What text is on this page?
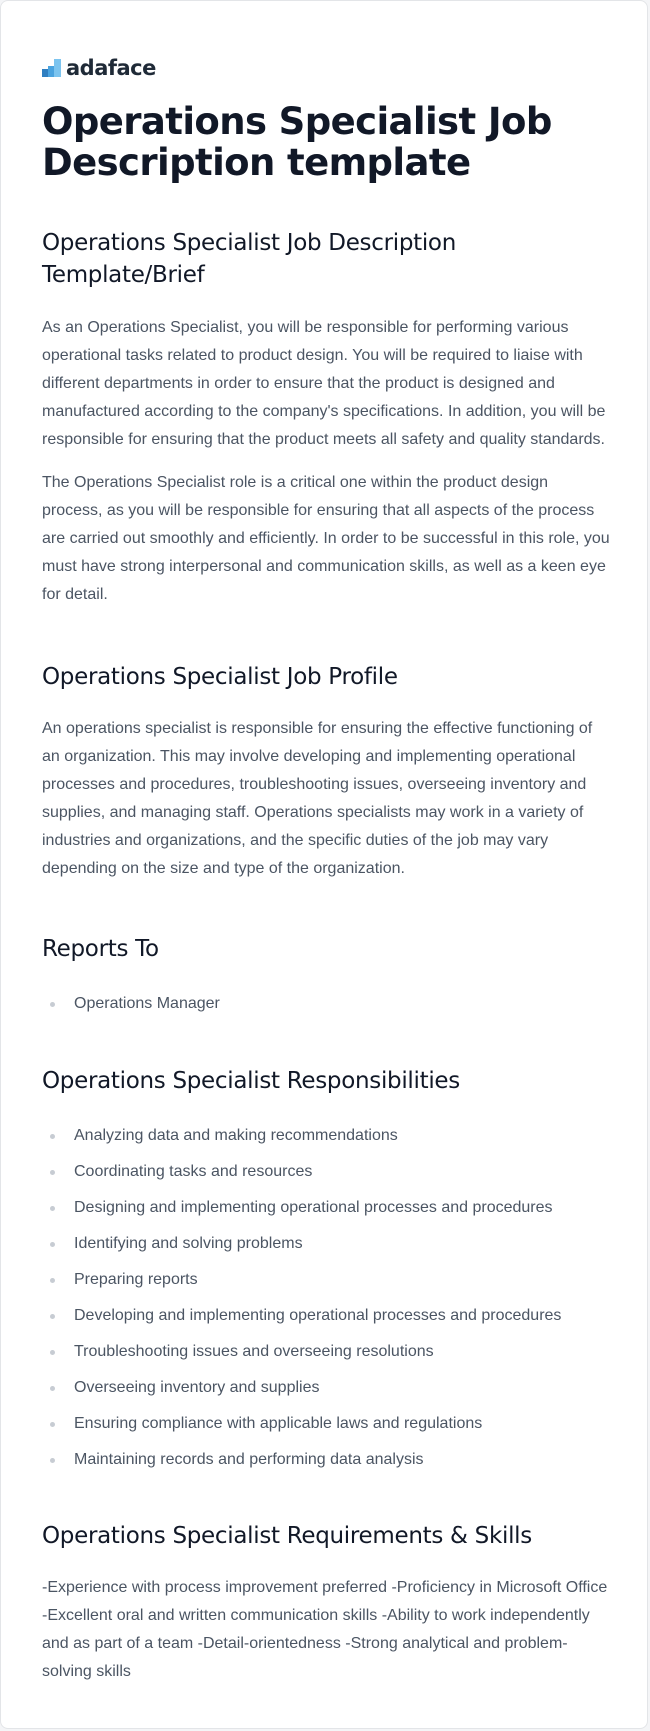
adaface
Operations Specialist Job Description template
Operations Specialist Job Description Template/Brief

As an Operations Specialist, you will be responsible for performing various operational tasks related to product design. You will be required to liaise with different departments in order to ensure that the product is designed and manufactured according to the company's specifications. In addition, you will be responsible for ensuring that the product meets all safety and quality standards.

The Operations Specialist role is a critical one within the product design process, as you will be responsible for ensuring that all aspects of the process are carried out smoothly and efficiently. In order to be successful in this role, you must have strong interpersonal and communication skills, as well as a keen eye for detail.

Operations Specialist Job Profile

An operations specialist is responsible for ensuring the effective functioning of an organization. This may involve developing and implementing operational processes and procedures, troubleshooting issues, overseeing inventory and supplies, and managing staff. Operations specialists may work in a variety of industries and organizations, and the specific duties of the job may vary depending on the size and type of the organization.

Reports To
Operations Manager
Operations Specialist Responsibilities
Analyzing data and making recommendations
Coordinating tasks and resources
Designing and implementing operational processes and procedures
Identifying and solving problems
Preparing reports
Developing and implementing operational processes and procedures
Troubleshooting issues and overseeing resolutions
Overseeing inventory and supplies
Ensuring compliance with applicable laws and regulations
Maintaining records and performing data analysis
Operations Specialist Requirements & Skills

-Experience with process improvement preferred -Proficiency in Microsoft Office -Excellent oral and written communication skills -Ability to work independently and as part of a team -Detail-orientedness -Strong analytical and problem-solving skills
